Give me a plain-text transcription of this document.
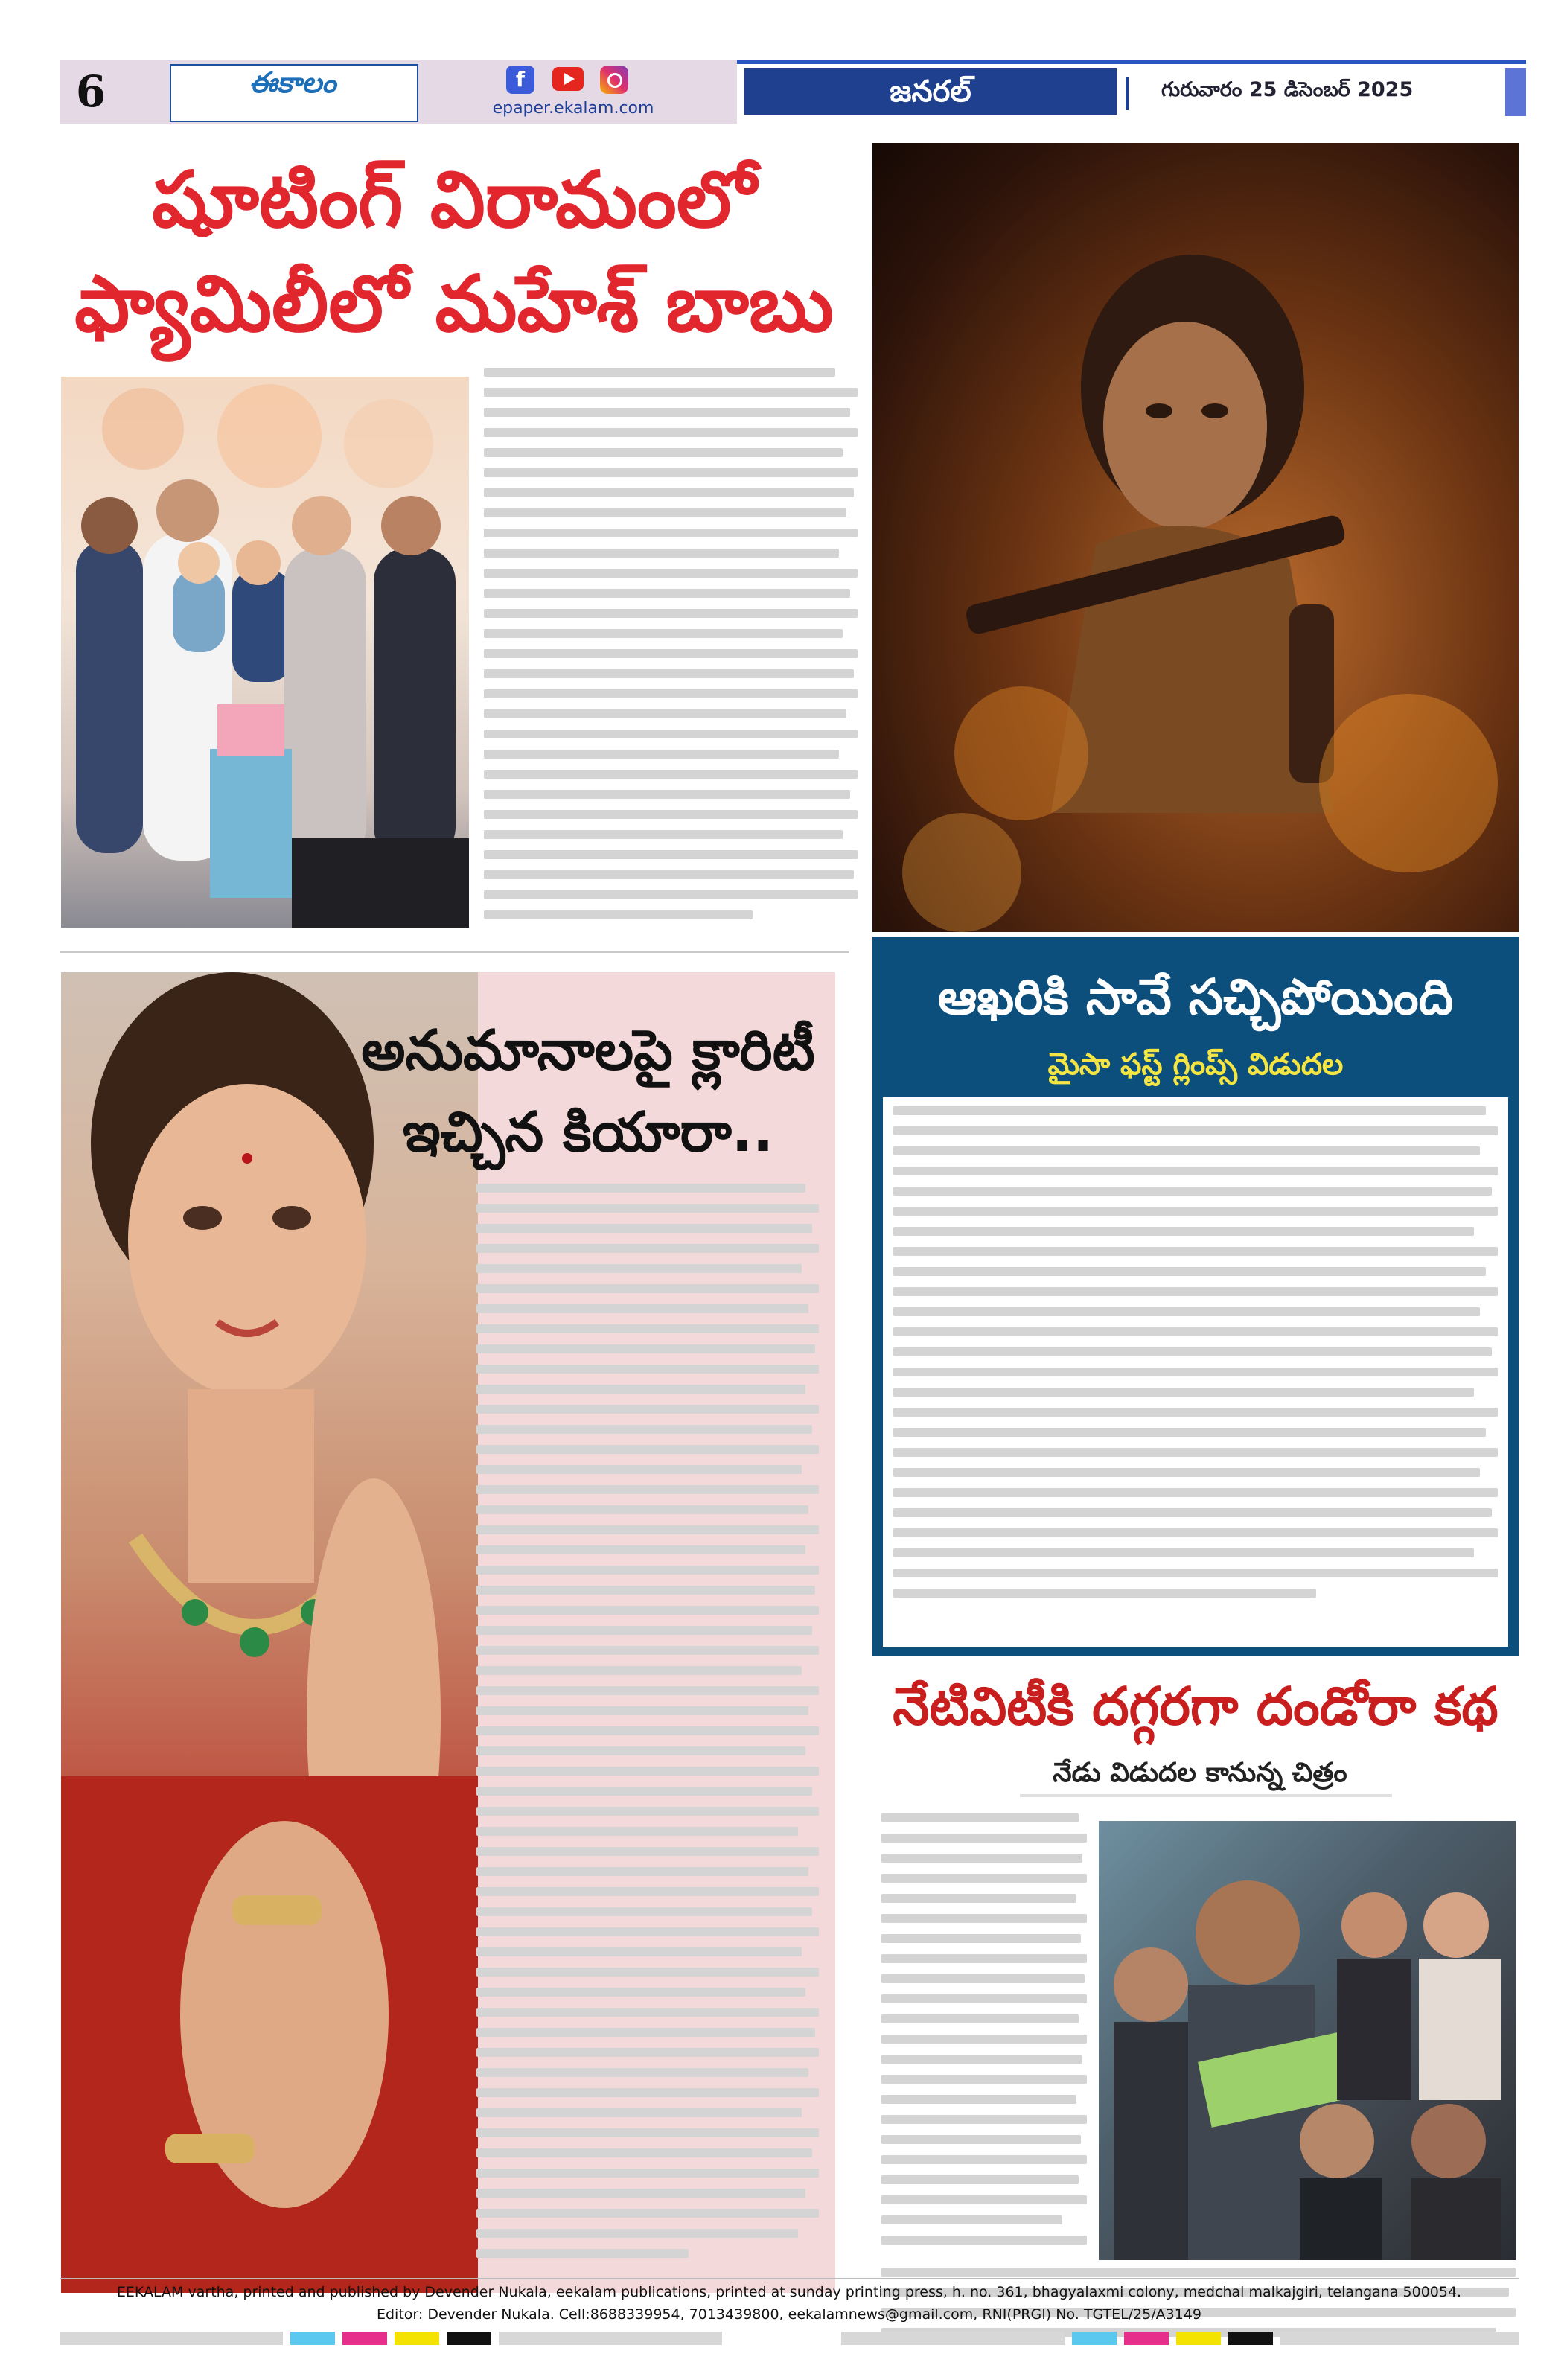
6	ఈకాలం	f
epaper.ekalam.com	జనరల్	గురువారం 25 డిసెంబర్ 2025
షూటింగ్ విరామంలో
ఫ్యామిలీలో మహేశ్ బాబు
అనుమానాలపై క్లారిటీ
ఇచ్చిన కియారా..
ఆఖరికి సావే సచ్చిపోయింది
మైసా ఫస్ట్ గ్లింప్స్ విడుదల
నేటివిటీకి దగ్గరగా దండోరా కథ
నేడు విడుదల కానున్న చిత్రం
EEKALAM vartha, printed and published by Devender Nukala, eekalam publications, printed at sunday printing press, h. no. 361, bhagyalaxmi colony, medchal malkajgiri, telangana 500054.
Editor: Devender Nukala. Cell:8688339954, 7013439800, eekalamnews@gmail.com, RNI(PRGI) No. TGTEL/25/A3149
